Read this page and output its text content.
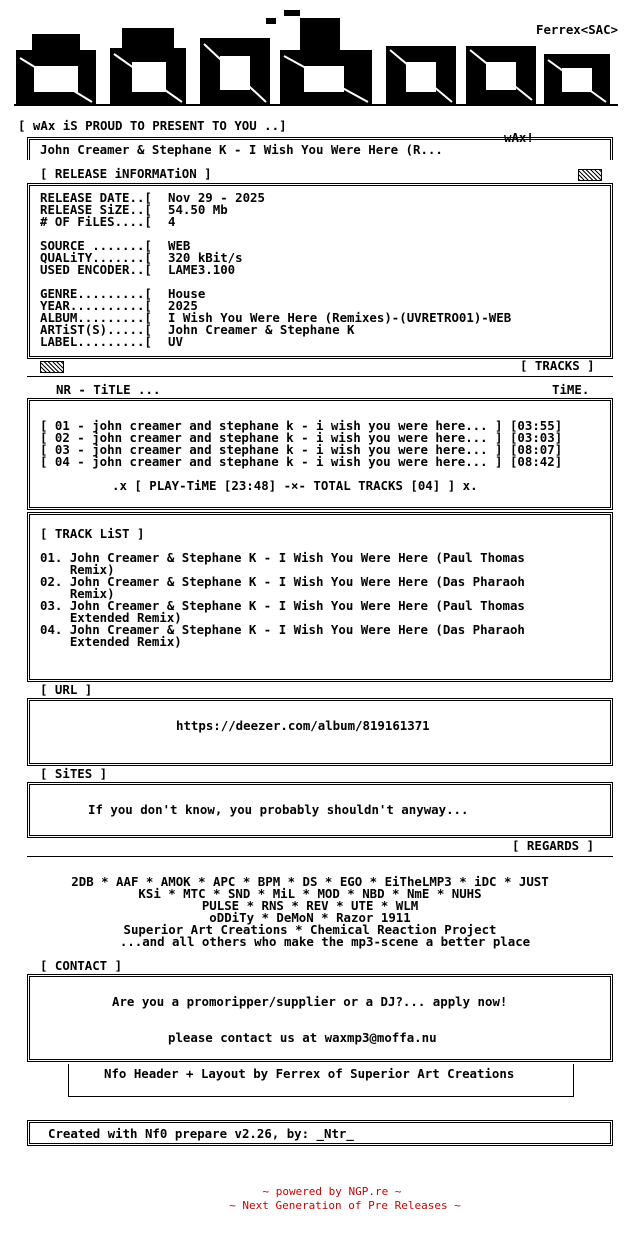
Ferrex<SAC>
[ wAx iS PROUD TO PRESENT TO YOU ..]
wAx!
John Creamer & Stephane K - I Wish You Were Here (R...
[ RELEASE iNFORMATiON ]
RELEASE DATE..[ Nov 29 - 2025
RELEASE SiZE..[ 54.50 Mb
# OF FiLES....[ 4
SOURCE .......[ WEB
QUALiTY.......[ 320 kBit/s
USED ENCODER..[ LAME3.100
GENRE.........[ House
YEAR..........[ 2025
ALBUM.........[ I Wish You Were Here (Remixes)-(UVRETRO01)-WEB
ARTiST(S).....[ John Creamer & Stephane K
LABEL.........[ UV
[ TRACKS ]
NR - TiTLE ...	TiME.
[ 01 - john creamer and stephane k - i wish you were here... ] [03:55]
[ 02 - john creamer and stephane k - i wish you were here... ] [03:03]
[ 03 - john creamer and stephane k - i wish you were here... ] [08:07]
[ 04 - john creamer and stephane k - i wish you were here... ] [08:42]
.x [ PLAY-TiME [23:48] -×- TOTAL TRACKS [04] ] x.
[ TRACK LiST ]
01. John Creamer & Stephane K - I Wish You Were Here (Paul Thomas
Remix)
02. John Creamer & Stephane K - I Wish You Were Here (Das Pharaoh
Remix)
03. John Creamer & Stephane K - I Wish You Were Here (Paul Thomas
Extended Remix)
04. John Creamer & Stephane K - I Wish You Were Here (Das Pharaoh
Extended Remix)
[ URL ]
https://deezer.com/album/819161371
[ SiTES ]
If you don't know, you probably shouldn't anyway...
[ REGARDS ]
2DB * AAF * AMOK * APC * BPM * DS * EGO * EiTheLMP3 * iDC * JUST
KSi * MTC * SND * MiL * MOD * NBD * NmE * NUHS
PULSE * RNS * REV * UTE * WLM
oDDiTy * DeMoN * Razor 1911
Superior Art Creations * Chemical Reaction Project
...and all others who make the mp3-scene a better place
[ CONTACT ]
Are you a promoripper/supplier or a DJ?... apply now!
please contact us at waxmp3@moffa.nu
Nfo Header + Layout by Ferrex of Superior Art Creations
Created with Nf0 prepare v2.26, by: _Ntr_
~ powered by NGP.re ~
~ Next Generation of Pre Releases ~
